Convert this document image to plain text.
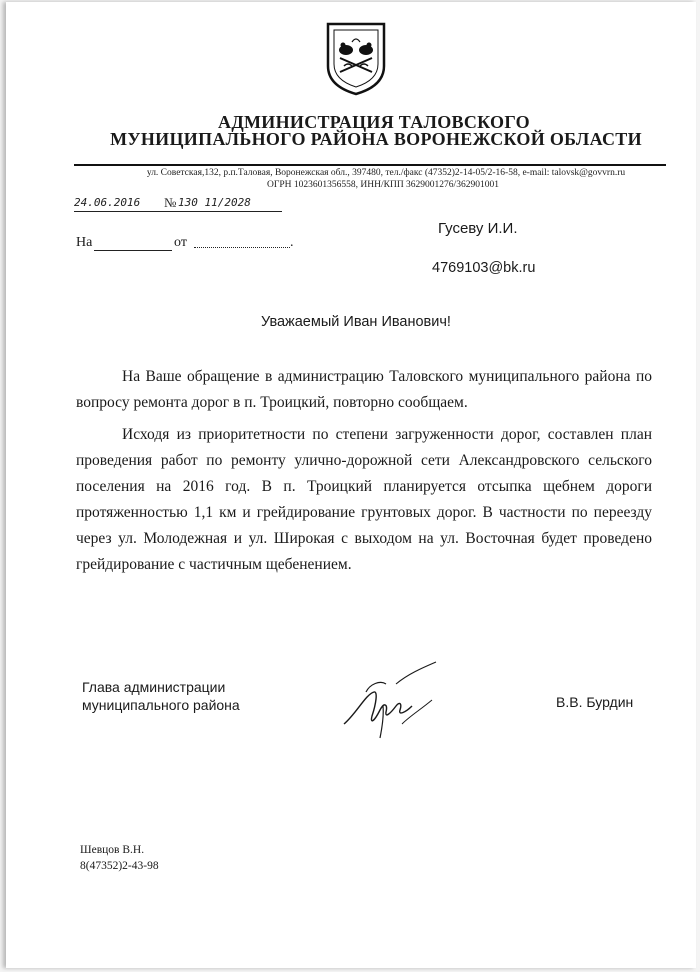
АДМИНИСТРАЦИЯ ТАЛОВСКОГО
МУНИЦИПАЛЬНОГО РАЙОНА ВОРОНЕЖСКОЙ ОБЛАСТИ
ул. Советская,132, р.п.Таловая, Воронежская обл., 397480, тел./факс (47352)2-14-05/2-16-58, e-mail: talovsk@govvrn.ru
ОГРН 1023601356558, ИНН/КПП 3629001276/362901001
24.06.2016 № 130 11/2028
На	от	.
Гусеву И.И.
4769103@bk.ru
Уважаемый Иван Иванович!

На Ваше обращение в администрацию Таловского муниципального района по вопросу ремонта дорог в п. Троицкий, повторно сообщаем.

Исходя из приоритетности по степени загруженности дорог, составлен план проведения работ по ремонту улично-дорожной сети Александровского сельского поселения на 2016 год. В п. Троицкий планируется отсыпка щебнем дороги протяженностью 1,1 км и грейдирование грунтовых дорог. В частности по переезду через ул. Молодежная и ул. Широкая с выходом на ул. Восточная будет проведено грейдирование с частичным щебенением.

Глава администрации
муниципального района	В.В. Бурдин
Шевцов В.Н.
8(47352)2-43-98
